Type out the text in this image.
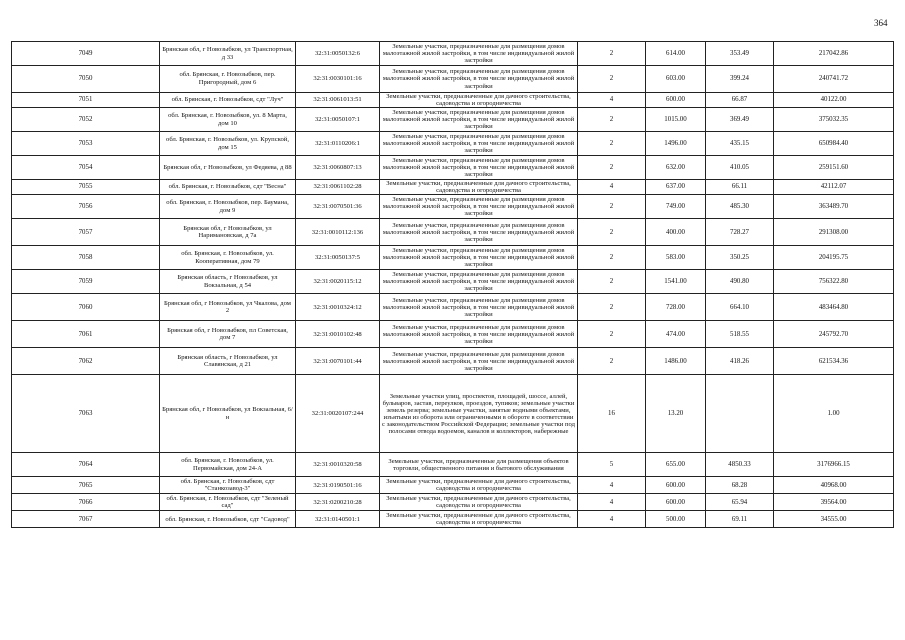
364
7049	Брянская обл, г Новозыбков, ул Транспортная, д 33	32:31:0050132:6	Земельные участки, предназначенные для размещения домов малоэтажной жилой застройки, в том числе индивидуальной жилой застройки	2	614.00	353.49	217042.86
7050	обл. Брянская, г. Новозыбков, пер. Пригородный, дом 6	32:31:0030101:16	Земельные участки, предназначенные для размещения домов малоэтажной жилой застройки, в том числе индивидуальной жилой застройки	2	603.00	399.24	240741.72
7051	обл. Брянская, г. Новозыбков, сдт "Луч"	32:31:0061013:51	Земельные участки, предназначенные для дачного строительства, садоводства и огородничества	4	600.00	66.87	40122.00
7052	обл. Брянская, г. Новозыбков, ул. 8 Марта, дом 10	32:31:0050107:1	Земельные участки, предназначенные для размещения домов малоэтажной жилой застройки, в том числе индивидуальной жилой застройки	2	1015.00	369.49	375032.35
7053	обл. Брянская, г. Новозыбков, ул. Крупской, дом 15	32:31:0110206:1	Земельные участки, предназначенные для размещения домов малоэтажной жилой застройки, в том числе индивидуальной жилой застройки	2	1496.00	435.15	650984.40
7054	Брянская обл, г Новозыбков, ул Федяева, д 88	32:31:0060807:13	Земельные участки, предназначенные для размещения домов малоэтажной жилой застройки, в том числе индивидуальной жилой застройки	2	632.00	410.05	259151.60
7055	обл. Брянская, г. Новозыбков, сдт "Весна"	32:31:0061102:28	Земельные участки, предназначенные для дачного строительства, садоводства и огородничества	4	637.00	66.11	42112.07
7056	обл. Брянская, г. Новозыбков, пер. Баумана, дом 9	32:31:0070501:36	Земельные участки, предназначенные для размещения домов малоэтажной жилой застройки, в том числе индивидуальной жилой застройки	2	749.00	485.30	363489.70
7057	Брянская обл, г Новозыбков, ул Наримановская, д 7а	32:31:0010112:136	Земельные участки, предназначенные для размещения домов малоэтажной жилой застройки, в том числе индивидуальной жилой застройки	2	400.00	728.27	291308.00
7058	обл. Брянская, г. Новозыбков, ул. Кооперативная, дом 79	32:31:0050137:5	Земельные участки, предназначенные для размещения домов малоэтажной жилой застройки, в том числе индивидуальной жилой застройки	2	583.00	350.25	204195.75
7059	Брянская область, г Новозыбков, ул Вокзальная, д 54	32:31:0020115:12	Земельные участки, предназначенные для размещения домов малоэтажной жилой застройки, в том числе индивидуальной жилой застройки	2	1541.00	490.80	756322.80
7060	Брянская обл, г Новозыбков, ул Чкалова, дом 2	32:31:0010324:12	Земельные участки, предназначенные для размещения домов малоэтажной жилой застройки, в том числе индивидуальной жилой застройки	2	728.00	664.10	483464.80
7061	Брянская обл, г Новозыбков, пл Советская, дом 7	32:31:0010102:48	Земельные участки, предназначенные для размещения домов малоэтажной жилой застройки, в том числе индивидуальной жилой застройки	2	474.00	518.55	245792.70
7062	Брянская область, г Новозыбков, ул Славянская, д 21	32:31:0070101:44	Земельные участки, предназначенные для размещения домов малоэтажной жилой застройки, в том числе индивидуальной жилой застройки	2	1486.00	418.26	621534.36
7063	Брянская обл, г Новозыбков, ул Вокзальная, 6/н	32:31:0020107:244	Земельные участки улиц, проспектов, площадей, шоссе, аллей, бульваров, застав, переулков, проездов, тупиков; земельные участки земель резерва; земельные участки, занятые водными объектами, изъятыми из оборота или ограниченными в обороте в соответствии с законодательством Российской Федерации; земельные участки под полосами отвода водоемов, каналов и коллекторов, набережные	16	13.20		1.00
7064	обл. Брянская, г. Новозыбков, ул. Первомайская, дом 24-А	32:31:0010320:58	Земельные участки, предназначенные для размещения объектов торговли, общественного питания и бытового обслуживания	5	655.00	4850.33	3176966.15
7065	обл. Брянская, г. Новозыбков, сдт "Станкозавод-3"	32:31:0190501:16	Земельные участки, предназначенные для дачного строительства, садоводства и огородничества	4	600.00	68.28	40968.00
7066	обл. Брянская, г. Новозыбков, сдт "Зеленый сад"	32:31:0200210:28	Земельные участки, предназначенные для дачного строительства, садоводства и огородничества	4	600.00	65.94	39564.00
7067	обл. Брянская, г. Новозыбков, сдт "Садовод"	32:31:0140501:1	Земельные участки, предназначенные для дачного строительства, садоводства и огородничества	4	500.00	69.11	34555.00
